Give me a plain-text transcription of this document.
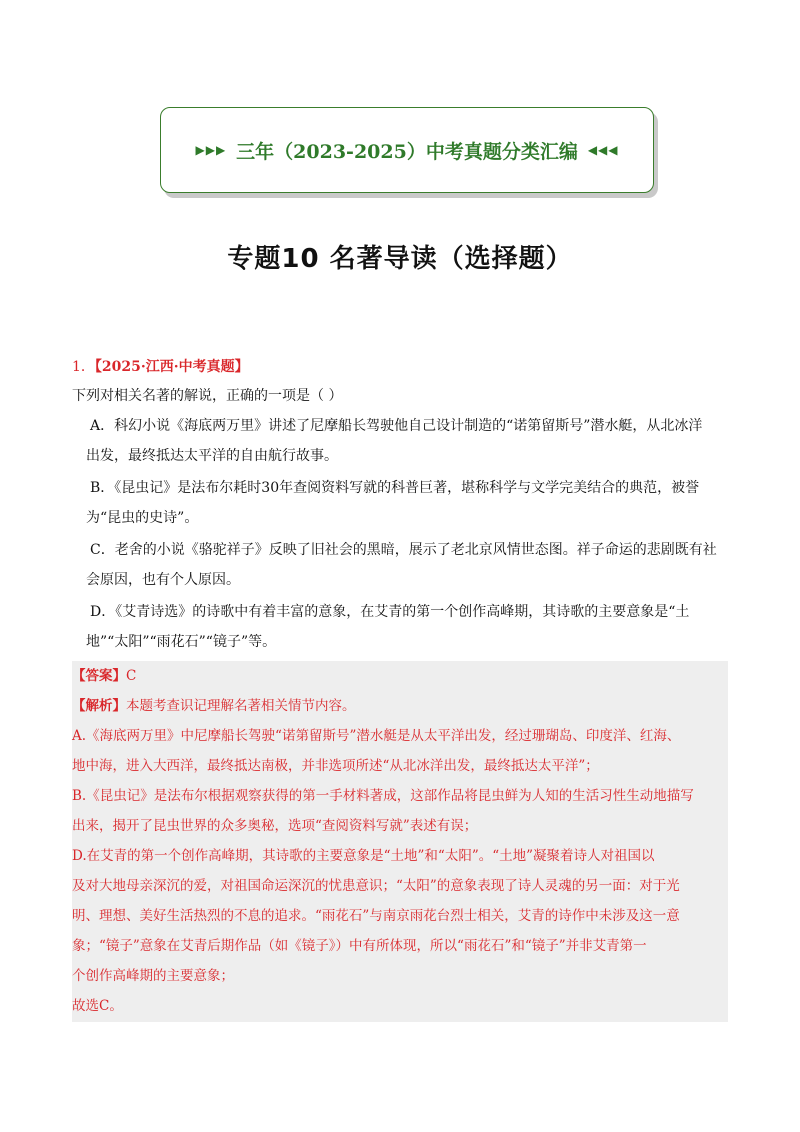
▶▶▶ 三年（2023-2025）中考真题分类汇编 ◀◀◀
专题10 名著导读（选择题）
1．【2025·江西·中考真题】
下列对相关名著的解说，正确的一项是（ ）
A．科幻小说《海底两万里》讲述了尼摩船长驾驶他自己设计制造的“诺第留斯号”潜水艇，从北冰洋
出发，最终抵达太平洋的自由航行故事。
B．《昆虫记》是法布尔耗时30年查阅资料写就的科普巨著，堪称科学与文学完美结合的典范，被誉
为“昆虫的史诗”。
C．老舍的小说《骆驼祥子》反映了旧社会的黑暗，展示了老北京风情世态图。祥子命运的悲剧既有社
会原因，也有个人原因。
D．《艾青诗选》的诗歌中有着丰富的意象，在艾青的第一个创作高峰期，其诗歌的主要意象是“土
地”“太阳”“雨花石”“镜子”等。
【答案】C
【解析】本题考查识记理解名著相关情节内容。
A.《海底两万里》中尼摩船长驾驶“诺第留斯号”潜水艇是从太平洋出发，经过珊瑚岛、印度洋、红海、
地中海，进入大西洋，最终抵达南极，并非选项所述“从北冰洋出发，最终抵达太平洋”；
B.《昆虫记》是法布尔根据观察获得的第一手材料著成，这部作品将昆虫鲜为人知的生活习性生动地描写
出来，揭开了昆虫世界的众多奥秘，选项“查阅资料写就”表述有误；
D.在艾青的第一个创作高峰期，其诗歌的主要意象是“土地”和“太阳”。“土地”凝聚着诗人对祖国以
及对大地母亲深沉的爱，对祖国命运深沉的忧患意识；“太阳”的意象表现了诗人灵魂的另一面：对于光
明、理想、美好生活热烈的不息的追求。“雨花石”与南京雨花台烈士相关，艾青的诗作中未涉及这一意
象；“镜子”意象在艾青后期作品（如《镜子》）中有所体现，所以“雨花石”和“镜子”并非艾青第一
个创作高峰期的主要意象；
故选C。
